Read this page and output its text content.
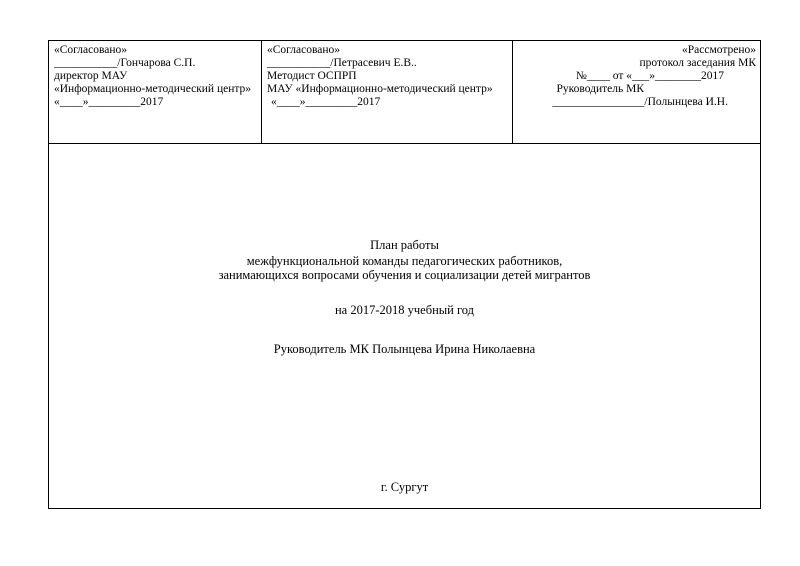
«Согласовано»
___________/Гончарова С.П.
директор МАУ
«Информационно-методический центр»
«____»_________2017
«Согласовано»
___________/Петрасевич Е.В..
Методист ОСПРП
МАУ «Информационно-методический центр»
«____»_________2017
«Рассмотрено»
протокол заседания МК
№____ от «___»________2017
Руководитель МК
________________/Полынцева И.Н.
План работы
межфункциональной команды педагогических работников,
занимающихся вопросами обучения и социализации детей мигрантов
на 2017-2018 учебный год
Руководитель МК Полынцева Ирина Николаевна
г. Сургут
